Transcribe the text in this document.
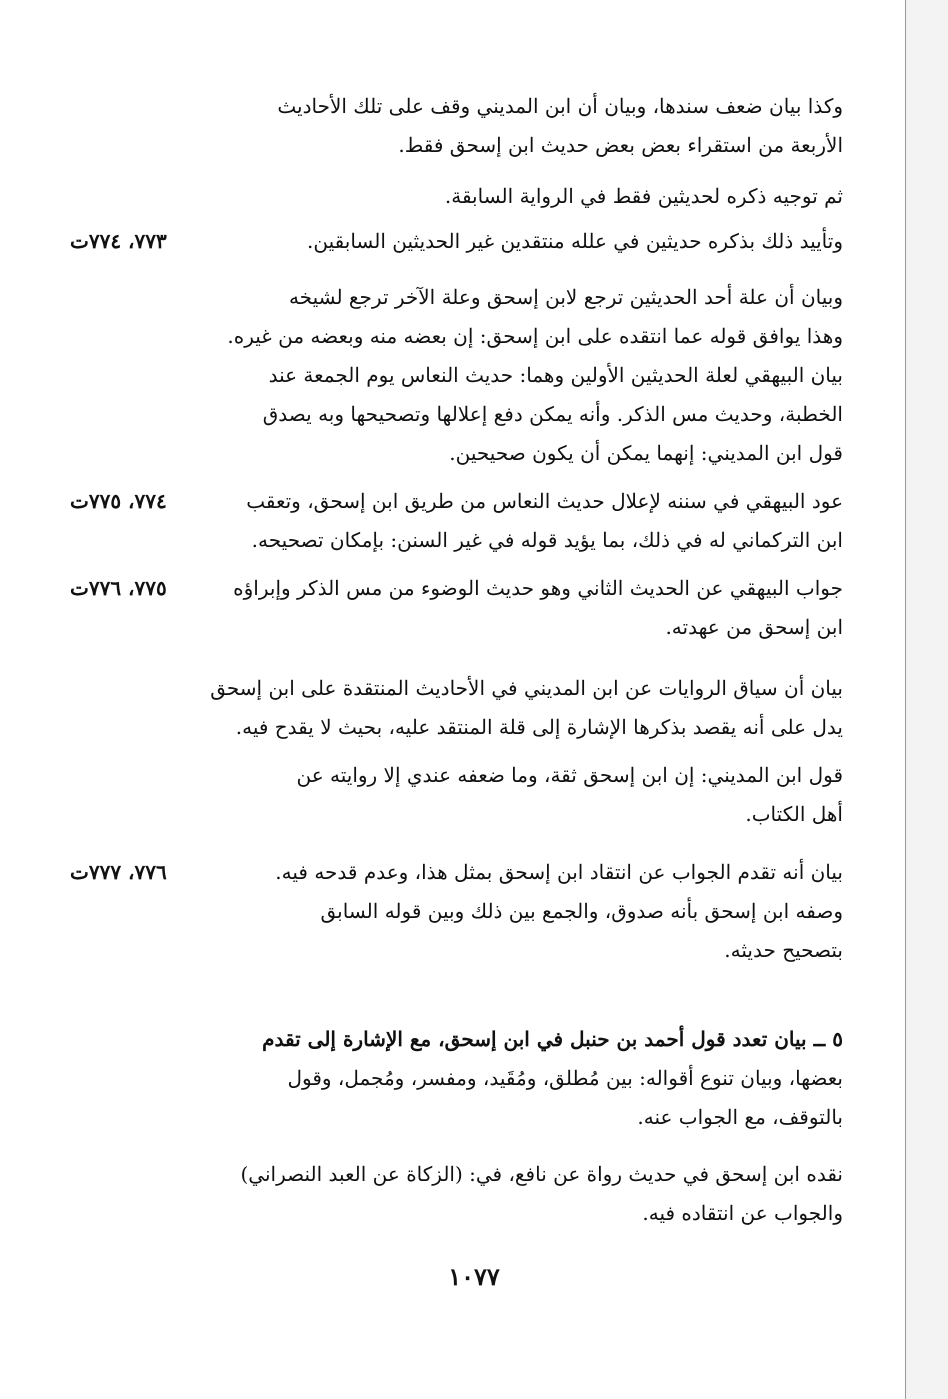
وكذا بيان ضعف سندها، وبيان أن ابن المديني وقف على تلك الأحاديث
الأربعة من استقراء بعض بعض حديث ابن إسحق فقط.
ثم توجيه ذكره لحديثين فقط في الرواية السابقة.
وتأييد ذلك بذكره حديثين في علله منتقدين غير الحديثين السابقين.
٧٧٣، ٧٧٤ت
وبيان أن علة أحد الحديثين ترجع لابن إسحق وعلة الآخر ترجع لشيخه
وهذا يوافق قوله عما انتقده على ابن إسحق: إن بعضه منه وبعضه من غيره.
بيان البيهقي لعلة الحديثين الأولين وهما: حديث النعاس يوم الجمعة عند
الخطبة، وحديث مس الذكر. وأنه يمكن دفع إعلالها وتصحيحها وبه يصدق
قول ابن المديني: إنهما يمكن أن يكون صحيحين.
عود البيهقي في سننه لإعلال حديث النعاس من طريق ابن إسحق، وتعقب
ابن التركماني له في ذلك، بما يؤيد قوله في غير السنن: بإمكان تصحيحه.
٧٧٤، ٧٧٥ت
جواب البيهقي عن الحديث الثاني وهو حديث الوضوء من مس الذكر وإبراؤه
ابن إسحق من عهدته.
٧٧٥، ٧٧٦ت
بيان أن سياق الروايات عن ابن المديني في الأحاديث المنتقدة على ابن إسحق
يدل على أنه يقصد بذكرها الإشارة إلى قلة المنتقد عليه، بحيث لا يقدح فيه.
قول ابن المديني: إن ابن إسحق ثقة، وما ضعفه عندي إلا روايته عن
أهل الكتاب.
بيان أنه تقدم الجواب عن انتقاد ابن إسحق بمثل هذا، وعدم قدحه فيه.
وصفه ابن إسحق بأنه صدوق، والجمع بين ذلك وبين قوله السابق
بتصحيح حديثه.
٧٧٦، ٧٧٧ت
٥ ــ بيان تعدد قول أحمد بن حنبل في ابن إسحق، مع الإشارة إلى تقدم
بعضها، وبيان تنوع أقواله: بين مُطلق، ومُقَيد، ومفسر، ومُجمل، وقول
بالتوقف، مع الجواب عنه.
نقده ابن إسحق في حديث رواة عن نافع، في: (الزكاة عن العبد النصراني)
والجواب عن انتقاده فيه.
١٠٧٧
